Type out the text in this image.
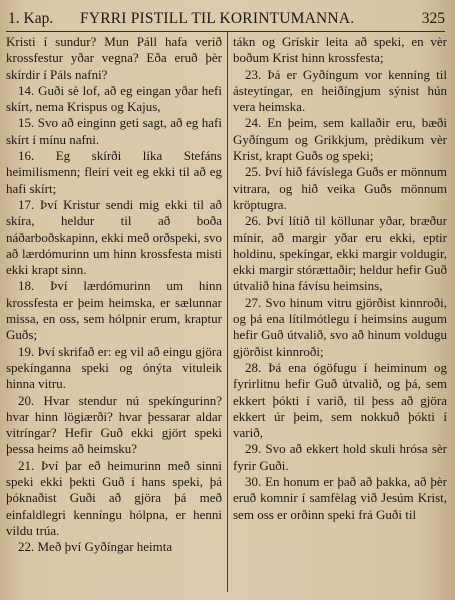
1. Kap. FYRRI PISTILL TIL KORINTUMANNA.	325

Kristi í sundur? Mun Páll hafa verið krossfestur yðar vegna? Eða eruð þèr skírdir í Páls nafni?

14. Guði sè lof, að eg eingan yðar hefi skírt, nema Krispus og Kajus,

15. Svo að einginn geti sagt, að eg hafi skírt í mínu nafni.

16. Eg skírði líka Stefáns heimilismenn; fleiri veit eg ekki til að eg hafi skírt;

17. Því Kristur sendi mig ekki til að skíra, heldur til að boða náðarboðskapinn, ekki með orðspeki, svo að lærdómurinn um hinn krossfesta misti ekki krapt sinn.

18. Því lærdómurinn um hinn krossfesta er þeim heimska, er sælunnar missa, en oss, sem hólpnir erum, kraptur Guðs;

19. Því skrifað er: eg vil að eingu gjöra spekínganna speki og ónýta vituleik hinna vitru.

20. Hvar stendur nú spekíngurinn? hvar hinn lögiærði? hvar þessarar aldar vitríngar? Hefir Guð ekki gjört speki þessa heims að heimsku?

21. Því þar eð heimurinn með sinni speki ekki þekti Guð í hans speki, þá þóknaðist Guði að gjöra þá með einfaldlegri kenníngu hólpna, er henni vildu trúa.

22. Með því Gyðíngar heimta

tákn og Grískir leita að speki, en vèr boðum Krist hinn krossfesta;

23. Þá er Gyðíngum vor kenníng til ásteytíngar, en heiðíngjum sýnist hún vera heimska.

24. En þeim, sem kallaðir eru, bæði Gyðíngum og Grikkjum, prèdikum vèr Krist, krapt Guðs og speki;

25. Því hið fávíslega Guðs er mönnum vitrara, og hið veika Guðs mönnum kröptugra.

26. Því lítið til köllunar yðar, bræður mínir, að margir yðar eru ekki, eptir holdinu, spekíngar, ekki margir voldugir, ekki margir stórættaðir; heldur hefir Guð útvalið hina fávísu heimsins,

27. Svo hinum vitru gjörðist kinnroði, og þá ena lítilmótlegu í heimsins augum hefir Guð útvalið, svo að hinum voldugu gjörðist kinnroði;

28. Þá ena ógöfugu í heiminum og fyrirlitnu hefir Guð útvalið, og þá, sem ekkert þókti í varið, til þess að gjöra ekkert úr þeim, sem nokkuð þókti í varið,

29. Svo að ekkert hold skuli hrósa sèr fyrir Guði.

30. En honum er það að þakka, að þèr eruð komnir í samfèlag við Jesúm Krist, sem oss er orðinn speki frá Guði til
